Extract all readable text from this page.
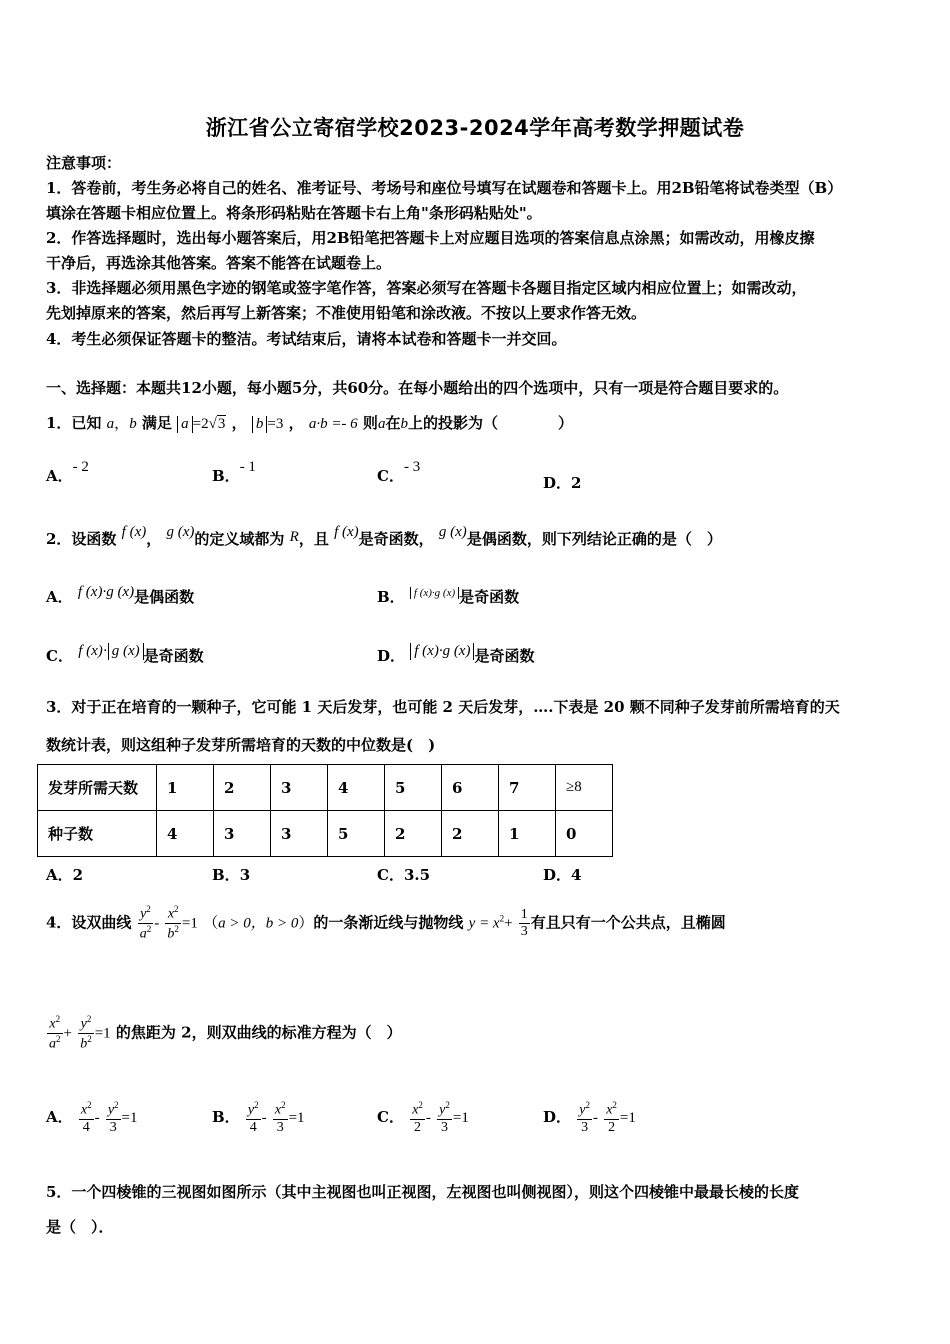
浙江省公立寄宿学校2023-2024学年高考数学押题试卷
注意事项：
1．答卷前，考生务必将自己的姓名、准考证号、考场号和座位号填写在试题卷和答题卡上。用2B铅笔将试卷类型（B）
填涂在答题卡相应位置上。将条形码粘贴在答题卡右上角"条形码粘贴处"。
2．作答选择题时，选出每小题答案后，用2B铅笔把答题卡上对应题目选项的答案信息点涂黑；如需改动，用橡皮擦
干净后，再选涂其他答案。答案不能答在试题卷上。
3．非选择题必须用黑色字迹的钢笔或签字笔作答，答案必须写在答题卡各题目指定区域内相应位置上；如需改动，
先划掉原来的答案，然后再写上新答案；不准使用铅笔和涂改液。不按以上要求作答无效。
4．考生必须保证答题卡的整洁。考试结束后，请将本试卷和答题卡一并交回。
一、选择题：本题共12小题，每小题5分，共60分。在每小题给出的四个选项中，只有一项是符合题目要求的。
1．已知 a，b 满足 a =2√3 ， b =3 ， a·b =- 6 则a在b上的投影为（　　　　）
A．- 2	B．- 1	C．- 3
D．2
2．设函数 f (x)， g (x)的定义域都为 R，且 f (x)是奇函数， g (x)是偶函数，则下列结论正确的是（　）
A． f (x)·g (x)是偶函数	B． f (x)·g (x) 是奇函数
C． f (x)· g (x) 是奇函数	D． f (x)·g (x) 是奇函数
3．对于正在培育的一颗种子，它可能 1 天后发芽，也可能 2 天后发芽，….下表是 20 颗不同种子发芽前所需培育的天
数统计表，则这组种子发芽所需培育的天数的中位数是(　)
发芽所需天数	1	2	3	4	5	6	7	≥8
种子数	4	3	3	5	2	2	1	0
A．2	B．3	C．3.5	D．4
4．设双曲线 $\frac{y^2}{a^2} - \frac{x^2}{b^2} =1$ （a > 0，b > 0）的一条渐近线与抛物线 $y = x^2+ \frac{1}{3}$ 有且只有一个公共点，且椭圆
$\frac{x^2}{a^2} + \frac{y^2}{b^2} =1$ 的焦距为 2，则双曲线的标准方程为（　）
A． $\frac{x^2}{4} - \frac{y^2}{3} =1$	B． $\frac{y^2}{4} - \frac{x^2}{3} =1$	C． $\frac{x^2}{2} - \frac{y^2}{3} =1$	D． $\frac{y^2}{3} - \frac{x^2}{2} =1$
5．一个四棱锥的三视图如图所示（其中主视图也叫正视图，左视图也叫侧视图），则这个四棱锥中最最长棱的长度
是（　）．
